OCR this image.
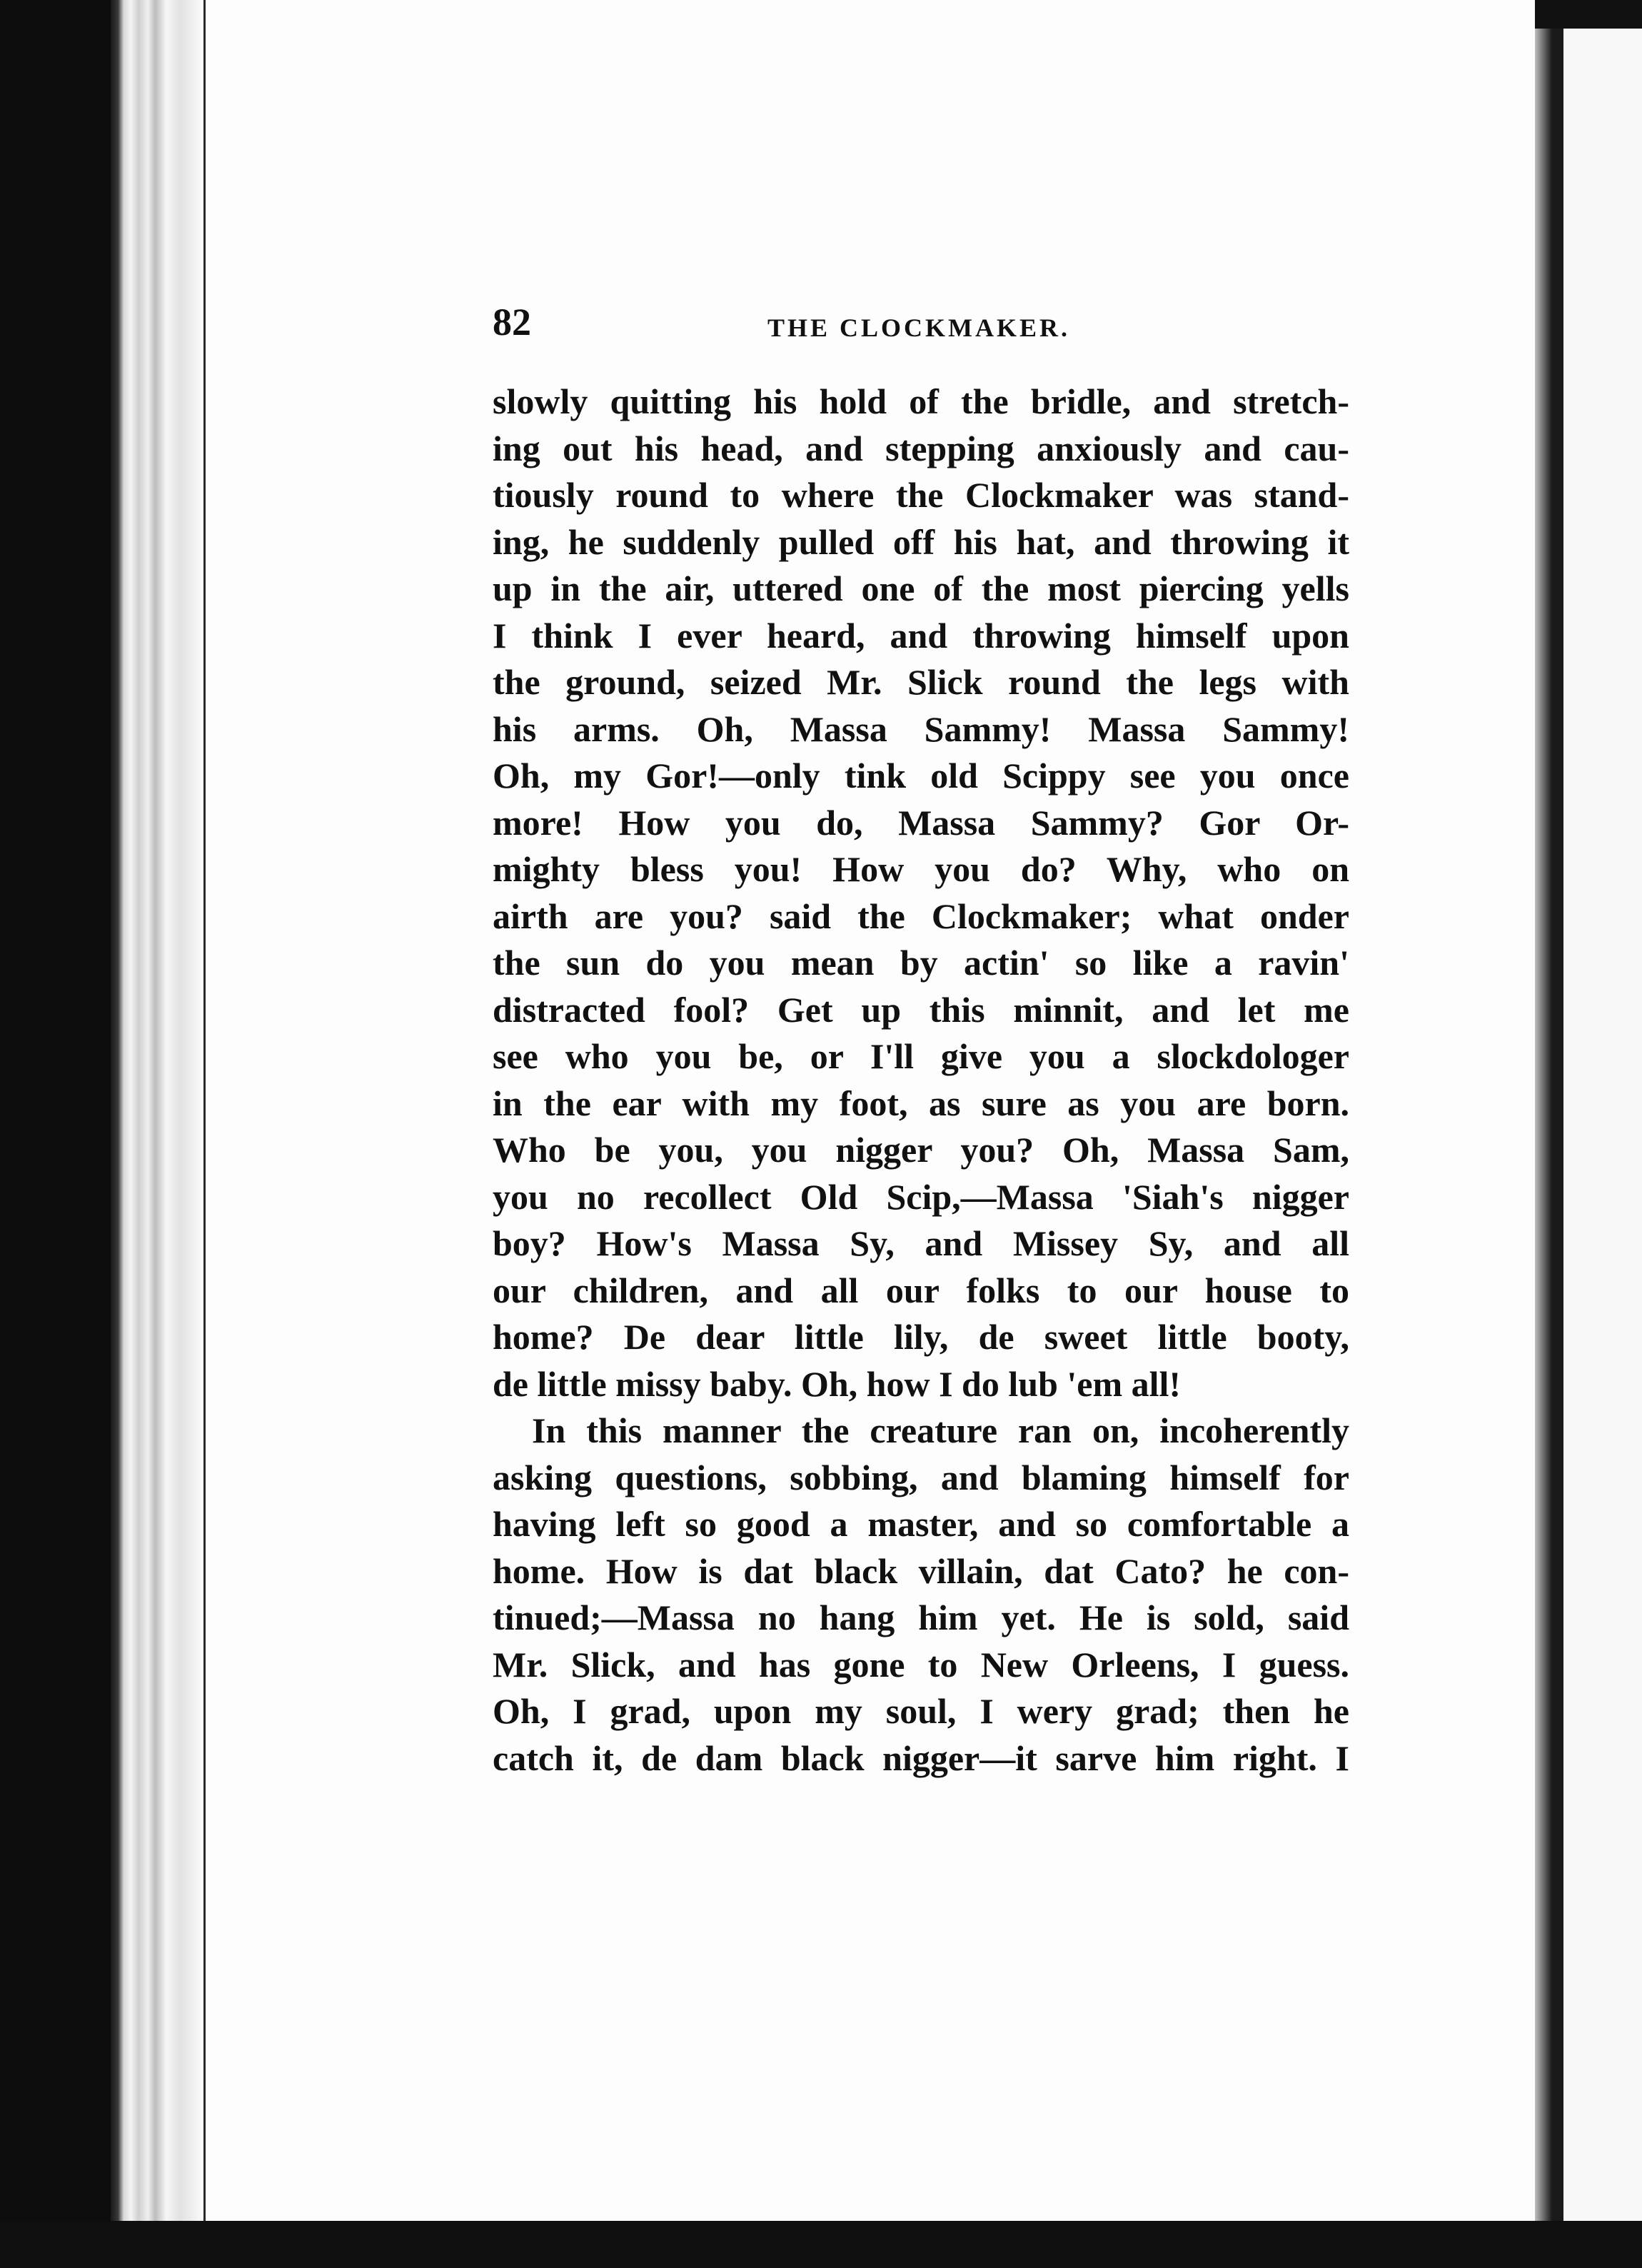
82	THE CLOCKMAKER.
slowly quitting his hold of the bridle, and stretch-
ing out his head, and stepping anxiously and cau-
tiously round to where the Clockmaker was stand-
ing, he suddenly pulled off his hat, and throwing it
up in the air, uttered one of the most piercing yells
I think I ever heard, and throwing himself upon
the ground, seized Mr. Slick round the legs with
his arms. Oh, Massa Sammy! Massa Sammy!
Oh, my Gor!—only tink old Scippy see you once
more! How you do, Massa Sammy? Gor Or-
mighty bless you! How you do? Why, who on
airth are you? said the Clockmaker; what onder
the sun do you mean by actin' so like a ravin'
distracted fool? Get up this minnit, and let me
see who you be, or I'll give you a slockdologer
in the ear with my foot, as sure as you are born.
Who be you, you nigger you? Oh, Massa Sam,
you no recollect Old Scip,—Massa 'Siah's nigger
boy? How's Massa Sy, and Missey Sy, and all
our children, and all our folks to our house to
home? De dear little lily, de sweet little booty,
de little missy baby. Oh, how I do lub 'em all!
In this manner the creature ran on, incoherently
asking questions, sobbing, and blaming himself for
having left so good a master, and so comfortable a
home. How is dat black villain, dat Cato? he con-
tinued;—Massa no hang him yet. He is sold, said
Mr. Slick, and has gone to New Orleens, I guess.
Oh, I grad, upon my soul, I wery grad; then he
catch it, de dam black nigger—it sarve him right. I
